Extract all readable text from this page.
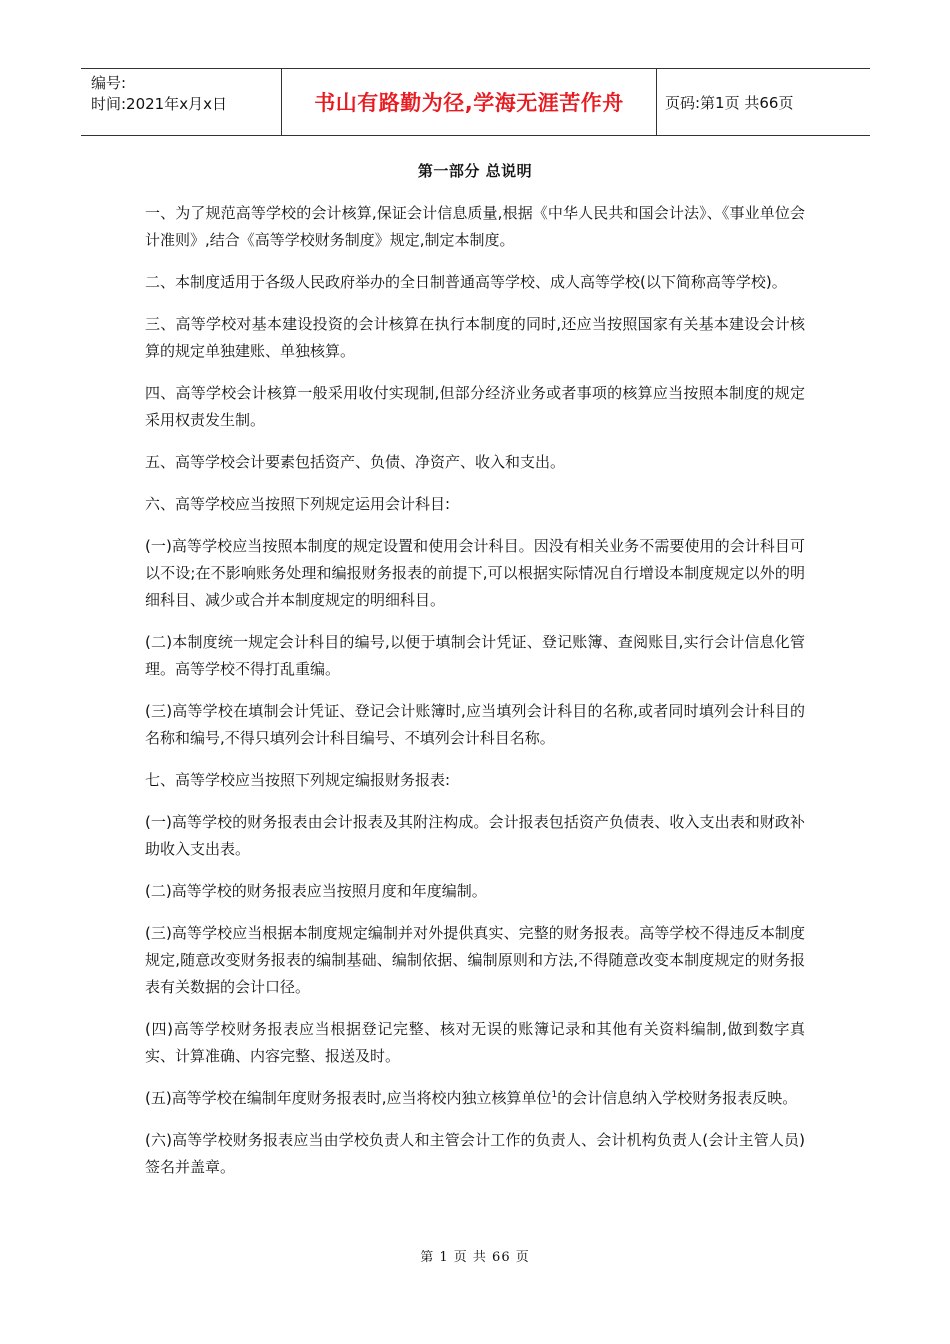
编号:
时间:2021年x月x日	书山有路勤为径,学海无涯苦作舟	页码:第1页 共66页
第一部分 总说明

一、为了规范高等学校的会计核算,保证会计信息质量,根据《中华人民共和国会计法》、《事业单位会计准则》,结合《高等学校财务制度》规定,制定本制度。

二、本制度适用于各级人民政府举办的全日制普通高等学校、成人高等学校(以下简称高等学校)。

三、高等学校对基本建设投资的会计核算在执行本制度的同时,还应当按照国家有关基本建设会计核算的规定单独建账、单独核算。

四、高等学校会计核算一般采用收付实现制,但部分经济业务或者事项的核算应当按照本制度的规定采用权责发生制。

五、高等学校会计要素包括资产、负债、净资产、收入和支出。

六、高等学校应当按照下列规定运用会计科目:

(一)高等学校应当按照本制度的规定设置和使用会计科目。因没有相关业务不需要使用的会计科目可以不设;在不影响账务处理和编报财务报表的前提下,可以根据实际情况自行增设本制度规定以外的明细科目、减少或合并本制度规定的明细科目。

(二)本制度统一规定会计科目的编号,以便于填制会计凭证、登记账簿、查阅账目,实行会计信息化管理。高等学校不得打乱重编。

(三)高等学校在填制会计凭证、登记会计账簿时,应当填列会计科目的名称,或者同时填列会计科目的名称和编号,不得只填列会计科目编号、不填列会计科目名称。

七、高等学校应当按照下列规定编报财务报表:

(一)高等学校的财务报表由会计报表及其附注构成。会计报表包括资产负债表、收入支出表和财政补助收入支出表。

(二)高等学校的财务报表应当按照月度和年度编制。

(三)高等学校应当根据本制度规定编制并对外提供真实、完整的财务报表。高等学校不得违反本制度规定,随意改变财务报表的编制基础、编制依据、编制原则和方法,不得随意改变本制度规定的财务报表有关数据的会计口径。

(四)高等学校财务报表应当根据登记完整、核对无误的账簿记录和其他有关资料编制,做到数字真实、计算准确、内容完整、报送及时。

(五)高等学校在编制年度财务报表时,应当将校内独立核算单位$^1$的会计信息纳入学校财务报表反映。

(六)高等学校财务报表应当由学校负责人和主管会计工作的负责人、会计机构负责人(会计主管人员)签名并盖章。

第 1 页 共 66 页
